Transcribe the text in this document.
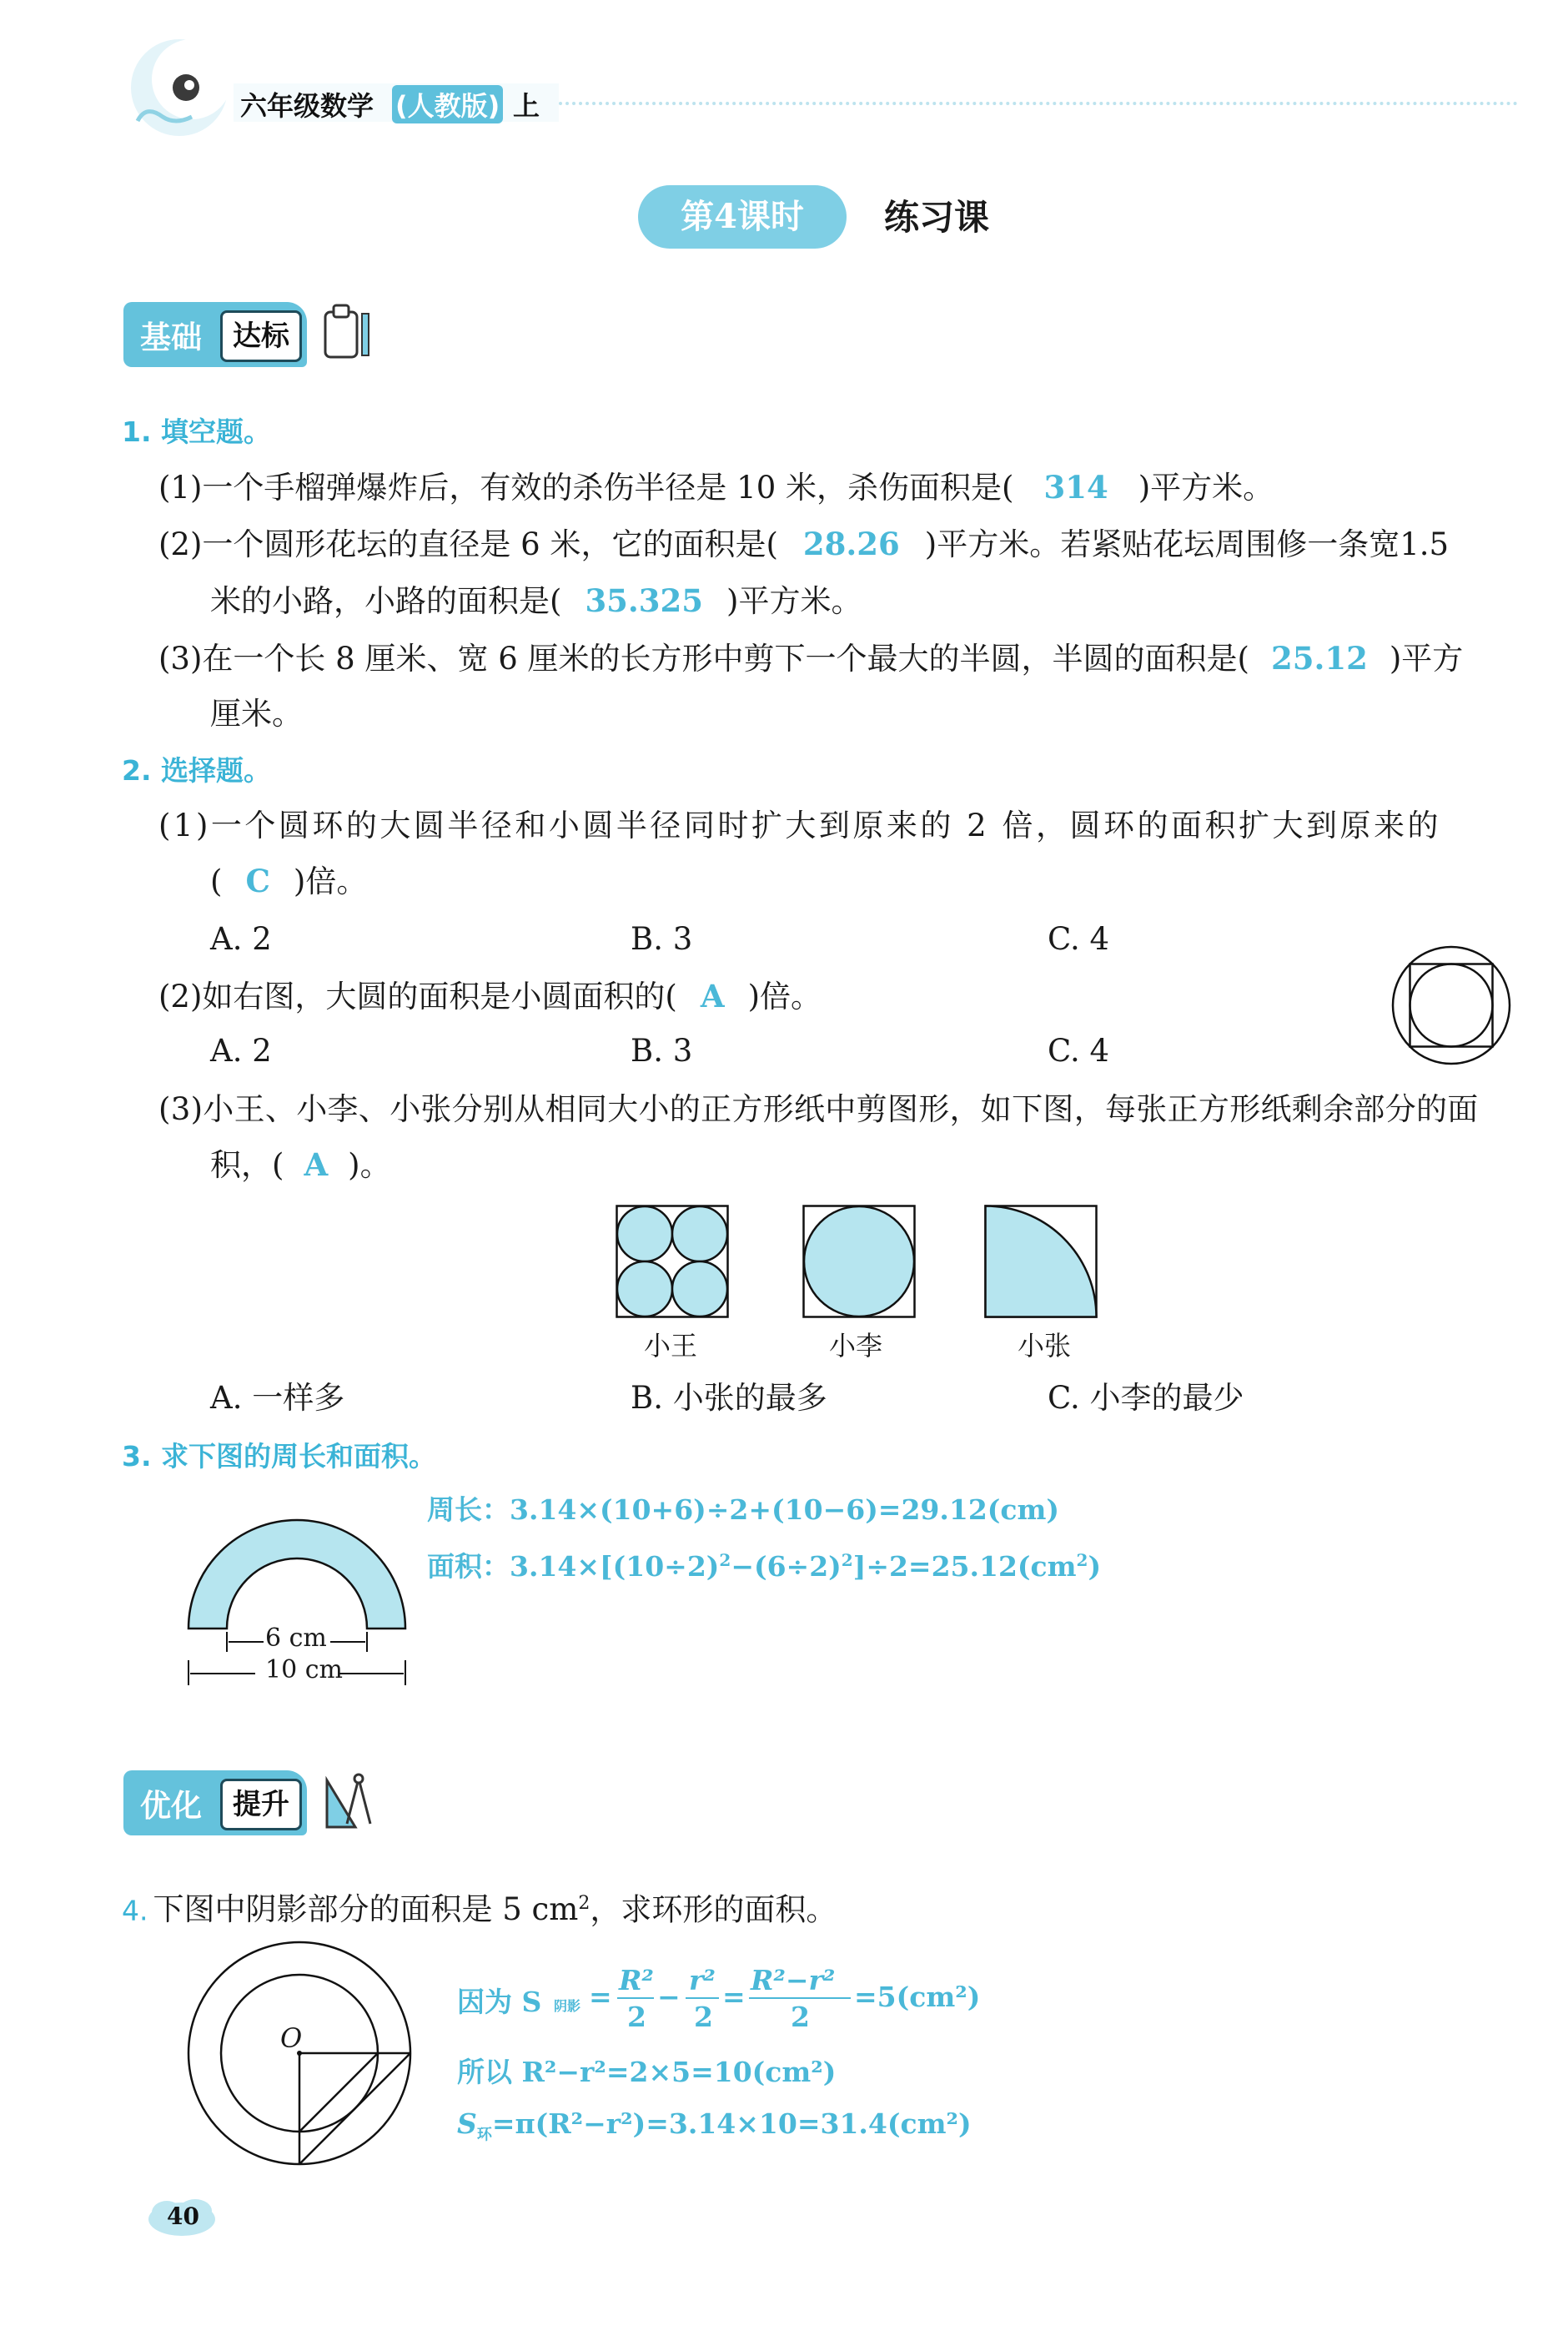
六年级数学 (人教版) 上
第4课时	练习课
基础	达标
1. 填空题。
(1)一个手榴弹爆炸后，有效的杀伤半径是 10 米，杀伤面积是( 314 )平方米。
(2)一个圆形花坛的直径是 6 米，它的面积是( 28.26 )平方米。若紧贴花坛周围修一条宽1.5
米的小路，小路的面积是( 35.325 )平方米。
(3)在一个长 8 厘米、宽 6 厘米的长方形中剪下一个最大的半圆，半圆的面积是( 25.12 )平方
厘米。
2. 选择题。
(1)一个圆环的大圆半径和小圆半径同时扩大到原来的 2 倍，圆环的面积扩大到原来的
( C )倍。
A. 2	B. 3	C. 4
(2)如右图，大圆的面积是小圆面积的( A )倍。
A. 2	B. 3	C. 4
(3)小王、小李、小张分别从相同大小的正方形纸中剪图形，如下图，每张正方形纸剩余部分的面
积，( A )。
小王	小李	小张
A. 一样多	B. 小张的最多	C. 小李的最少
3. 求下图的周长和面积。
周长：3.14×(10+6)÷2+(10−6)=29.12(cm)
面积：$3.14\times[(10\div 2)^2-(6\div 2)^2]\div 2=25.12(cm^2)$
6 cm
10 cm
优化	提升
4. 下图中阴影部分的面积是 5 $cm^2$，求环形的面积。
O
因为 S 阴影 =
R²
2
−
r²
2
=
R²−r²
2
=5(cm²)
所以 R²−r²=2×5=10(cm²)
$S_环=\pi(R^2-r^2)=3.14\times 10=31.4(cm^2)$
40
